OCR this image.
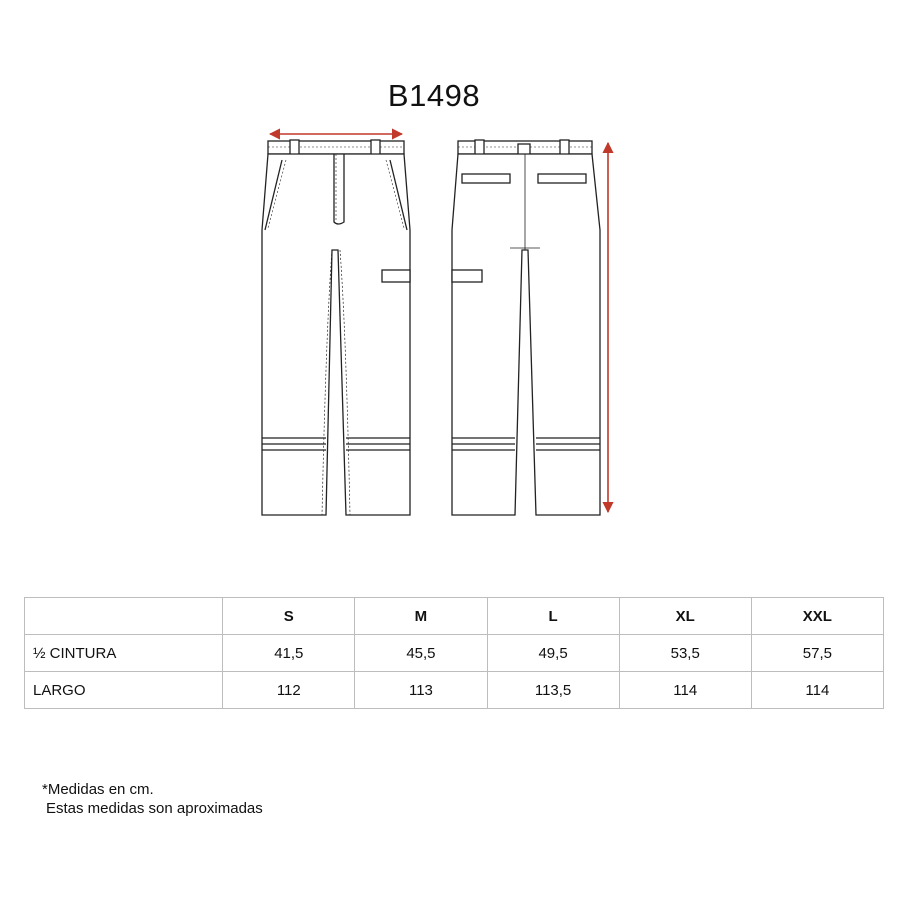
B1498
	S	M	L	XL	XXL
½ CINTURA	41,5	45,5	49,5	53,5	57,5
LARGO	112	113	113,5	114	114
*Medidas en cm.
Estas medidas son aproximadas
